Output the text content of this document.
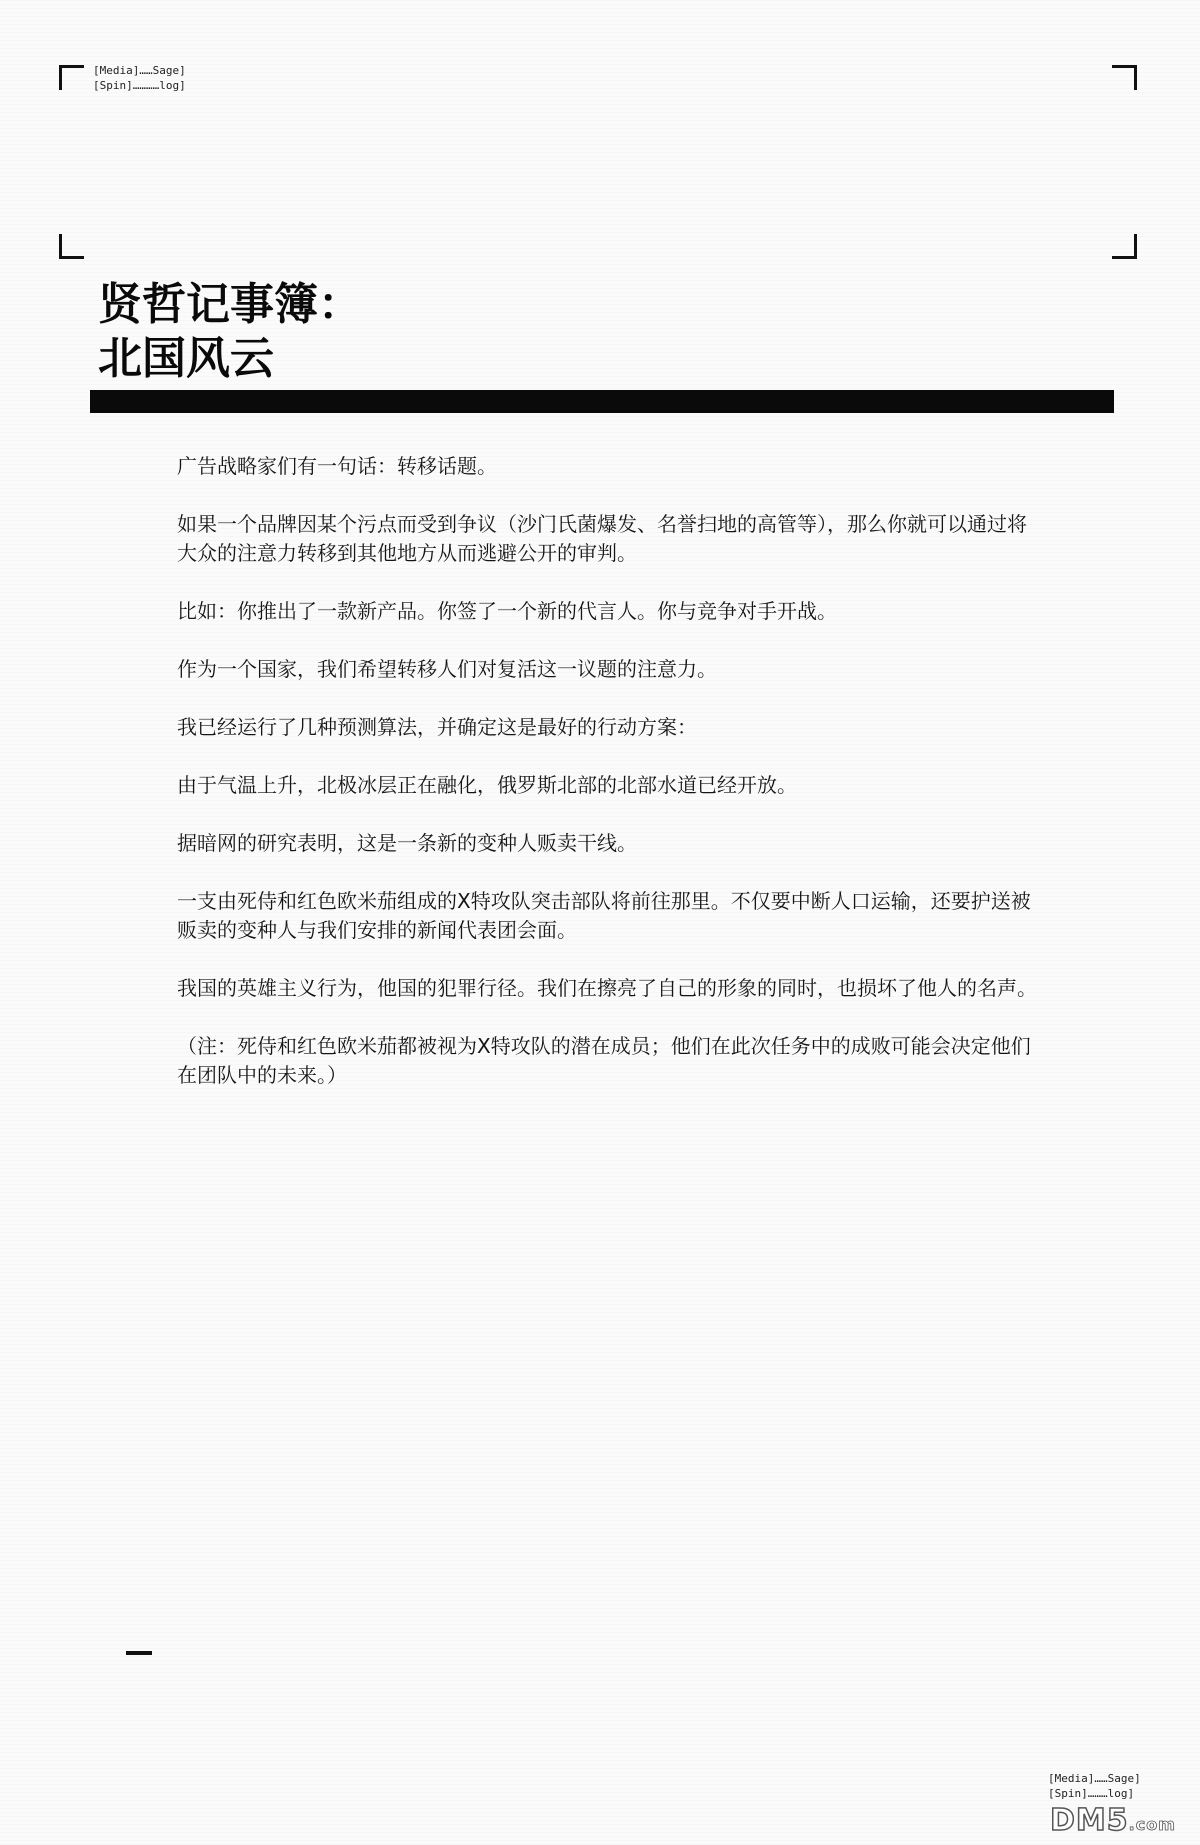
[Media]……Sage]
[Spin]…………log]
贤哲记事簿：
北国风云

广告战略家们有一句话：转移话题。

如果一个品牌因某个污点而受到争议（沙门氏菌爆发、名誉扫地的高管等），那么你就可以通过将大众的注意力转移到其他地方从而逃避公开的审判。

比如：你推出了一款新产品。你签了一个新的代言人。你与竞争对手开战。

作为一个国家，我们希望转移人们对复活这一议题的注意力。

我已经运行了几种预测算法，并确定这是最好的行动方案：

由于气温上升，北极冰层正在融化，俄罗斯北部的北部水道已经开放。

据暗网的研究表明，这是一条新的变种人贩卖干线。

一支由死侍和红色欧米茄组成的X特攻队突击部队将前往那里。不仅要中断人口运输，还要护送被贩卖的变种人与我们安排的新闻代表团会面。

我国的英雄主义行为，他国的犯罪行径。我们在擦亮了自己的形象的同时，也损坏了他人的名声。

（注：死侍和红色欧米茄都被视为X特攻队的潜在成员；他们在此次任务中的成败可能会决定他们在团队中的未来。）

[Media]……Sage]
[Spin]………log]
DM5.com
